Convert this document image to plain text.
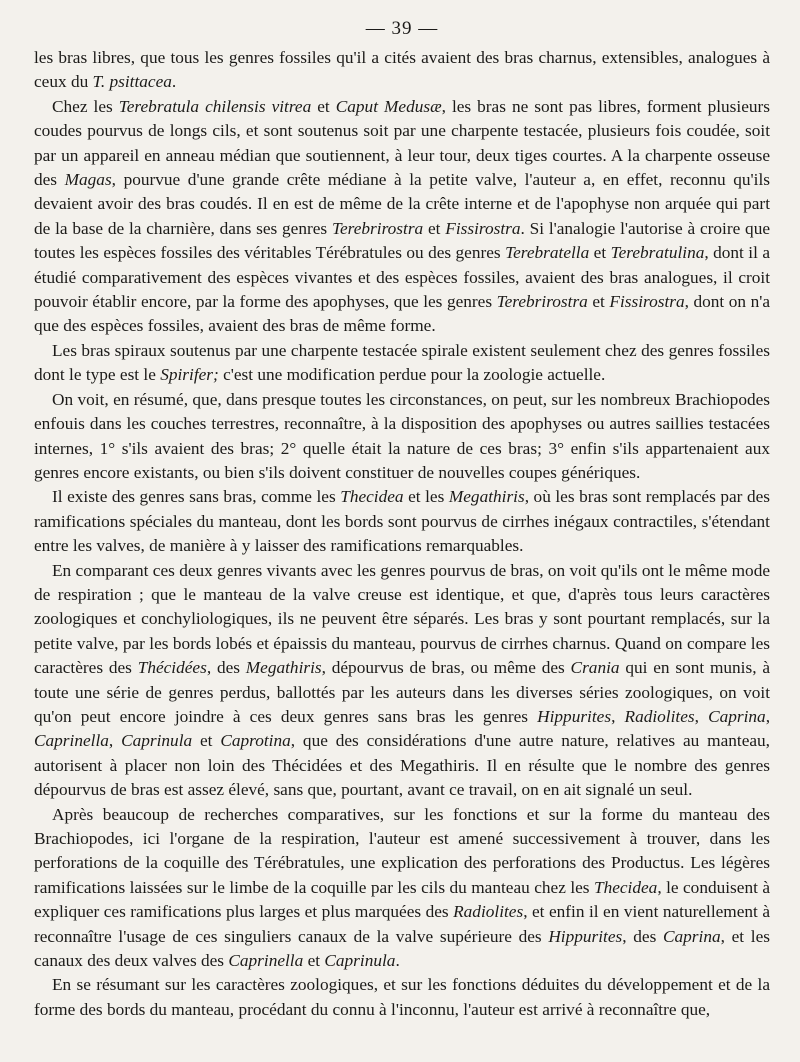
— 39 —

les bras libres, que tous les genres fossiles qu'il a cités avaient des bras charnus, extensibles, analogues à ceux du T. psittacea.

Chez les Terebratula chilensis vitrea et Caput Medusæ, les bras ne sont pas libres, forment plusieurs coudes pourvus de longs cils, et sont soutenus soit par une charpente testacée, plusieurs fois coudée, soit par un appareil en anneau médian que soutiennent, à leur tour, deux tiges courtes. A la charpente osseuse des Magas, pourvue d'une grande crête médiane à la petite valve, l'auteur a, en effet, reconnu qu'ils devaient avoir des bras coudés. Il en est de même de la crête interne et de l'apophyse non arquée qui part de la base de la charnière, dans ses genres Terebrirostra et Fissirostra. Si l'analogie l'autorise à croire que toutes les espèces fossiles des véritables Térébratules ou des genres Terebratella et Terebratulina, dont il a étudié comparativement des espèces vivantes et des espèces fossiles, avaient des bras analogues, il croit pouvoir établir encore, par la forme des apophyses, que les genres Terebrirostra et Fissirostra, dont on n'a que des espèces fossiles, avaient des bras de même forme.

Les bras spiraux soutenus par une charpente testacée spirale existent seulement chez des genres fossiles dont le type est le Spirifer; c'est une modification perdue pour la zoologie actuelle.

On voit, en résumé, que, dans presque toutes les circonstances, on peut, sur les nombreux Brachiopodes enfouis dans les couches terrestres, reconnaître, à la disposition des apophyses ou autres saillies testacées internes, 1° s'ils avaient des bras; 2° quelle était la nature de ces bras; 3° enfin s'ils appartenaient aux genres encore existants, ou bien s'ils doivent constituer de nouvelles coupes génériques.

Il existe des genres sans bras, comme les Thecidea et les Megathiris, où les bras sont remplacés par des ramifications spéciales du manteau, dont les bords sont pourvus de cirrhes inégaux contractiles, s'étendant entre les valves, de manière à y laisser des ramifications remarquables.

En comparant ces deux genres vivants avec les genres pourvus de bras, on voit qu'ils ont le même mode de respiration ; que le manteau de la valve creuse est identique, et que, d'après tous leurs caractères zoologiques et conchyliologiques, ils ne peuvent être séparés. Les bras y sont pourtant remplacés, sur la petite valve, par les bords lobés et épaissis du manteau, pourvus de cirrhes charnus. Quand on compare les caractères des Thécidées, des Megathiris, dépourvus de bras, ou même des Crania qui en sont munis, à toute une série de genres perdus, ballottés par les auteurs dans les diverses séries zoologiques, on voit qu'on peut encore joindre à ces deux genres sans bras les genres Hippurites, Radiolites, Caprina, Caprinella, Caprinula et Caprotina, que des considérations d'une autre nature, relatives au manteau, autorisent à placer non loin des Thécidées et des Megathiris. Il en résulte que le nombre des genres dépourvus de bras est assez élevé, sans que, pourtant, avant ce travail, on en ait signalé un seul.

Après beaucoup de recherches comparatives, sur les fonctions et sur la forme du manteau des Brachiopodes, ici l'organe de la respiration, l'auteur est amené successivement à trouver, dans les perforations de la coquille des Térébratules, une explication des perforations des Productus. Les légères ramifications laissées sur le limbe de la coquille par les cils du manteau chez les Thecidea, le conduisent à expliquer ces ramifications plus larges et plus marquées des Radiolites, et enfin il en vient naturellement à reconnaître l'usage de ces singuliers canaux de la valve supérieure des Hippurites, des Caprina, et les canaux des deux valves des Caprinella et Caprinula.

En se résumant sur les caractères zoologiques, et sur les fonctions déduites du développement et de la forme des bords du manteau, procédant du connu à l'inconnu, l'auteur est arrivé à reconnaître que,
